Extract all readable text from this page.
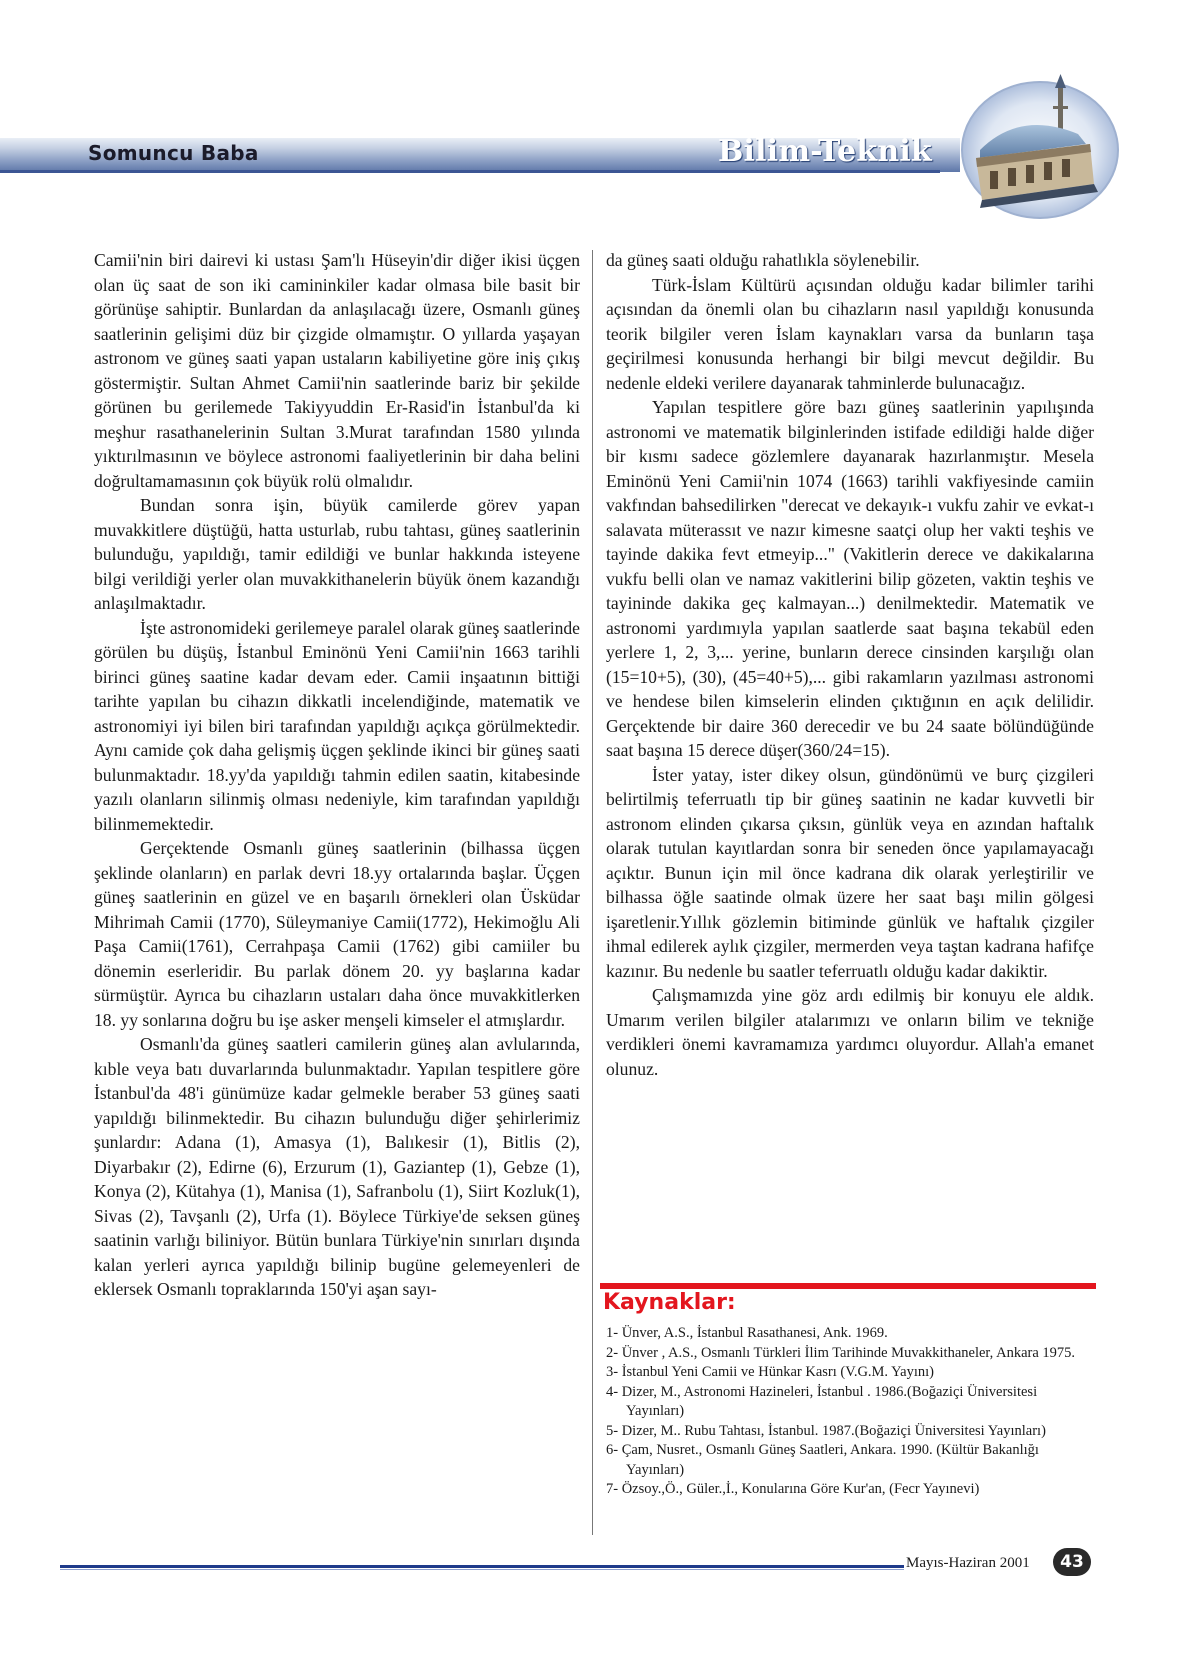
Somuncu Baba	Bilim-Teknik

Camii'nin biri dairevi ki ustası Şam'lı Hüseyin'dir diğer ikisi üçgen olan üç saat de son iki camininkiler kadar olmasa bile basit bir görünüşe sahiptir. Bunlardan da anlaşılacağı üzere, Osmanlı güneş saatlerinin gelişimi düz bir çizgide olmamıştır. O yıllarda yaşayan astronom ve güneş saati yapan ustaların kabiliyetine göre iniş çıkış göstermiştir. Sultan Ahmet Camii'nin saatlerinde bariz bir şekilde görünen bu gerilemede Takiyyuddin Er-Rasid'in İstanbul'da ki meşhur rasathanelerinin Sultan 3.Murat tarafından 1580 yılında yıktırılmasının ve böylece astronomi faaliyetlerinin bir daha belini doğrultamamasının çok büyük rolü olmalıdır.

Bundan sonra işin, büyük camilerde görev yapan muvakkitlere düştüğü, hatta usturlab, rubu tahtası, güneş saatlerinin bulunduğu, yapıldığı, tamir edildiği ve bunlar hakkında isteyene bilgi verildiği yerler olan muvakkithanelerin büyük önem kazandığı anlaşılmaktadır.

İşte astronomideki gerilemeye paralel olarak güneş saatlerinde görülen bu düşüş, İstanbul Eminönü Yeni Camii'nin 1663 tarihli birinci güneş saatine kadar devam eder. Camii inşaatının bittiği tarihte yapılan bu cihazın dikkatli incelendiğinde, matematik ve astronomiyi iyi bilen biri tarafından yapıldığı açıkça görülmektedir. Aynı camide çok daha gelişmiş üçgen şeklinde ikinci bir güneş saati bulunmaktadır. 18.yy'da yapıldığı tahmin edilen saatin, kitabesinde yazılı olanların silinmiş olması nedeniyle, kim tarafından yapıldığı bilinmemektedir.

Gerçektende Osmanlı güneş saatlerinin (bilhassa üçgen şeklinde olanların) en parlak devri 18.yy ortalarında başlar. Üçgen güneş saatlerinin en güzel ve en başarılı örnekleri olan Üsküdar Mihrimah Camii (1770), Süleymaniye Camii(1772), Hekimoğlu Ali Paşa Camii(1761), Cerrahpaşa Camii (1762) gibi camiiler bu dönemin eserleridir. Bu parlak dönem 20. yy başlarına kadar sürmüştür. Ayrıca bu cihazların ustaları daha önce muvakkitlerken 18. yy sonlarına doğru bu işe asker menşeli kimseler el atmışlardır.

Osmanlı'da güneş saatleri camilerin güneş alan avlularında, kıble veya batı duvarlarında bulunmaktadır. Yapılan tespitlere göre İstanbul'da 48'i günümüze kadar gelmekle beraber 53 güneş saati yapıldığı bilinmektedir. Bu cihazın bulunduğu diğer şehirlerimiz şunlardır: Adana (1), Amasya (1), Balıkesir (1), Bitlis (2), Diyarbakır (2), Edirne (6), Erzurum (1), Gaziantep (1), Gebze (1), Konya (2), Kütahya (1), Manisa (1), Safranbolu (1), Siirt Kozluk(1), Sivas (2), Tavşanlı (2), Urfa (1). Böylece Türkiye'de seksen güneş saatinin varlığı biliniyor. Bütün bunlara Türkiye'nin sınırları dışında kalan yerleri ayrıca yapıldığı bilinip bugüne gelemeyenleri de eklersek Osmanlı topraklarında 150'yi aşan sayı-

da güneş saati olduğu rahatlıkla söylenebilir.

Türk-İslam Kültürü açısından olduğu kadar bilimler tarihi açısından da önemli olan bu cihazların nasıl yapıldığı konusunda teorik bilgiler veren İslam kaynakları varsa da bunların taşa geçirilmesi konusunda herhangi bir bilgi mevcut değildir. Bu nedenle eldeki verilere dayanarak tahminlerde bulunacağız.

Yapılan tespitlere göre bazı güneş saatlerinin yapılışında astronomi ve matematik bilginlerinden istifade edildiği halde diğer bir kısmı sadece gözlemlere dayanarak hazırlanmıştır. Mesela Eminönü Yeni Camii'nin 1074 (1663) tarihli vakfiyesinde camiin vakfından bahsedilirken "derecat ve dekayık-ı vukfu zahir ve evkat-ı salavata müterassıt ve nazır kimesne saatçi olup her vakti teşhis ve tayinde dakika fevt etmeyip..." (Vakitlerin derece ve dakikalarına vukfu belli olan ve namaz vakitlerini bilip gözeten, vaktin teşhis ve tayininde dakika geç kalmayan...) denilmektedir. Matematik ve astronomi yardımıyla yapılan saatlerde saat başına tekabül eden yerlere 1, 2, 3,... yerine, bunların derece cinsinden karşılığı olan (15=10+5), (30), (45=40+5),... gibi rakamların yazılması astronomi ve hendese bilen kimselerin elinden çıktığının en açık delilidir. Gerçektende bir daire 360 derecedir ve bu 24 saate bölündüğünde saat başına 15 derece düşer(360/24=15).

İster yatay, ister dikey olsun, gündönümü ve burç çizgileri belirtilmiş teferruatlı tip bir güneş saatinin ne kadar kuvvetli bir astronom elinden çıkarsa çıksın, günlük veya en azından haftalık olarak tutulan kayıtlardan sonra bir seneden önce yapılamayacağı açıktır. Bunun için mil önce kadrana dik olarak yerleştirilir ve bilhassa öğle saatinde olmak üzere her saat başı milin gölgesi işaretlenir.Yıllık gözlemin bitiminde günlük ve haftalık çizgiler ihmal edilerek aylık çizgiler, mermerden veya taştan kadrana hafifçe kazınır. Bu nedenle bu saatler teferruatlı olduğu kadar dakiktir.

Çalışmamızda yine göz ardı edilmiş bir konuyu ele aldık. Umarım verilen bilgiler atalarımızı ve onların bilim ve tekniğe verdikleri önemi kavramamıza yardımcı oluyordur. Allah'a emanet olunuz.

Kaynaklar:
1- Ünver, A.S., İstanbul Rasathanesi, Ank. 1969.
2- Ünver , A.S., Osmanlı Türkleri İlim Tarihinde Muvakkithaneler, Ankara 1975.
3- İstanbul Yeni Camii ve Hünkar Kasrı (V.G.M. Yayını)
4- Dizer, M., Astronomi Hazineleri, İstanbul . 1986.(Boğaziçi Üniversitesi Yayınları)
5- Dizer, M.. Rubu Tahtası, İstanbul. 1987.(Boğaziçi Üniversitesi Yayınları)
6- Çam, Nusret., Osmanlı Güneş Saatleri, Ankara. 1990. (Kültür Bakanlığı Yayınları)
7- Özsoy.,Ö., Güler.,İ., Konularına Göre Kur'an, (Fecr Yayınevi)
Mayıs-Haziran 2001	43
